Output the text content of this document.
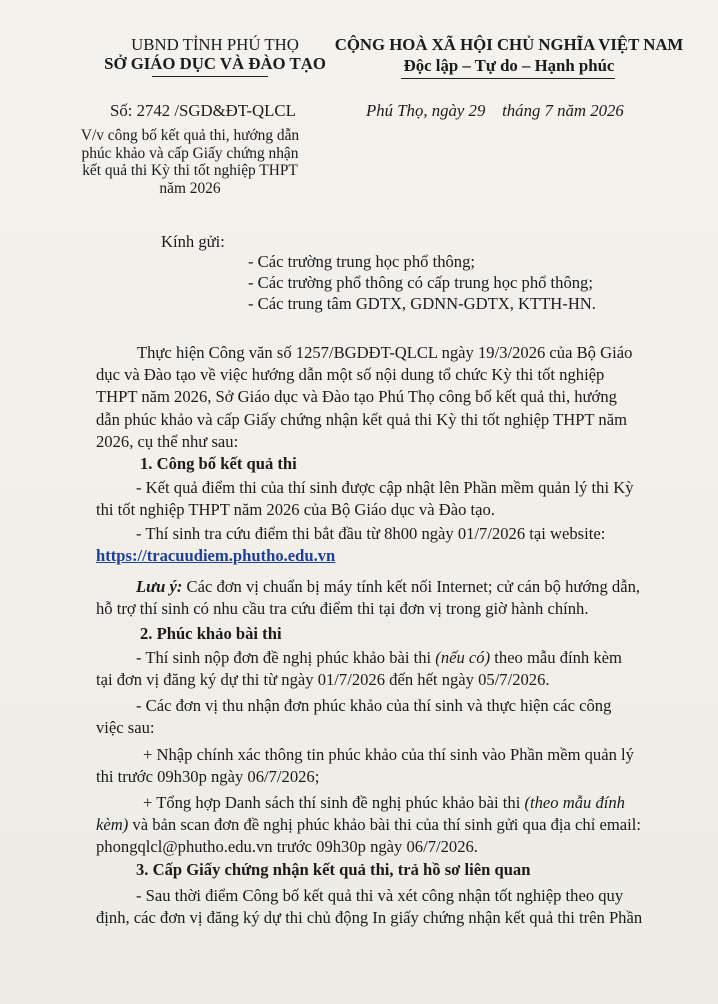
UBND TỈNH PHÚ THỌ
SỞ GIÁO DỤC VÀ ĐÀO TẠO
CỘNG HOÀ XÃ HỘI CHỦ NGHĨA VIỆT NAM
Độc lập – Tự do – Hạnh phúc
Số: 2742 /SGD&ĐT-QLCL	Phú Thọ, ngày 29 tháng 7 năm 2026
V/v công bố kết quả thi, hướng dẫn
phúc khảo và cấp Giấy chứng nhận
kết quả thi Kỳ thi tốt nghiệp THPT
năm 2026
Kính gửi:
- Các trường trung học phổ thông;
- Các trường phổ thông có cấp trung học phổ thông;
- Các trung tâm GDTX, GDNN-GDTX, KTTH-HN.
Thực hiện Công văn số 1257/BGDĐT-QLCL ngày 19/3/2026 của Bộ Giáo
dục và Đào tạo về việc hướng dẫn một số nội dung tổ chức Kỳ thi tốt nghiệp
THPT năm 2026, Sở Giáo dục và Đào tạo Phú Thọ công bố kết quả thi, hướng
dẫn phúc khảo và cấp Giấy chứng nhận kết quả thi Kỳ thi tốt nghiệp THPT năm
2026, cụ thể như sau:
1. Công bố kết quả thi
- Kết quả điểm thi của thí sinh được cập nhật lên Phần mềm quản lý thi Kỳ
thi tốt nghiệp THPT năm 2026 của Bộ Giáo dục và Đào tạo.
- Thí sinh tra cứu điểm thi bắt đầu từ 8h00 ngày 01/7/2026 tại website:
https://tracuudiem.phutho.edu.vn
Lưu ý: Các đơn vị chuẩn bị máy tính kết nối Internet; cử cán bộ hướng dẫn,
hỗ trợ thí sinh có nhu cầu tra cứu điểm thi tại đơn vị trong giờ hành chính.
2. Phúc khảo bài thi
- Thí sinh nộp đơn đề nghị phúc khảo bài thi (nếu có) theo mẫu đính kèm
tại đơn vị đăng ký dự thi từ ngày 01/7/2026 đến hết ngày 05/7/2026.
- Các đơn vị thu nhận đơn phúc khảo của thí sinh và thực hiện các công
việc sau:
+ Nhập chính xác thông tin phúc khảo của thí sinh vào Phần mềm quản lý
thi trước 09h30p ngày 06/7/2026;
+ Tổng hợp Danh sách thí sinh đề nghị phúc khảo bài thi (theo mẫu đính
kèm) và bản scan đơn đề nghị phúc khảo bài thi của thí sinh gửi qua địa chỉ email:
phongqlcl@phutho.edu.vn trước 09h30p ngày 06/7/2026.
3. Cấp Giấy chứng nhận kết quả thi, trả hồ sơ liên quan
- Sau thời điểm Công bố kết quả thi và xét công nhận tốt nghiệp theo quy
định, các đơn vị đăng ký dự thi chủ động In giấy chứng nhận kết quả thi trên Phần
